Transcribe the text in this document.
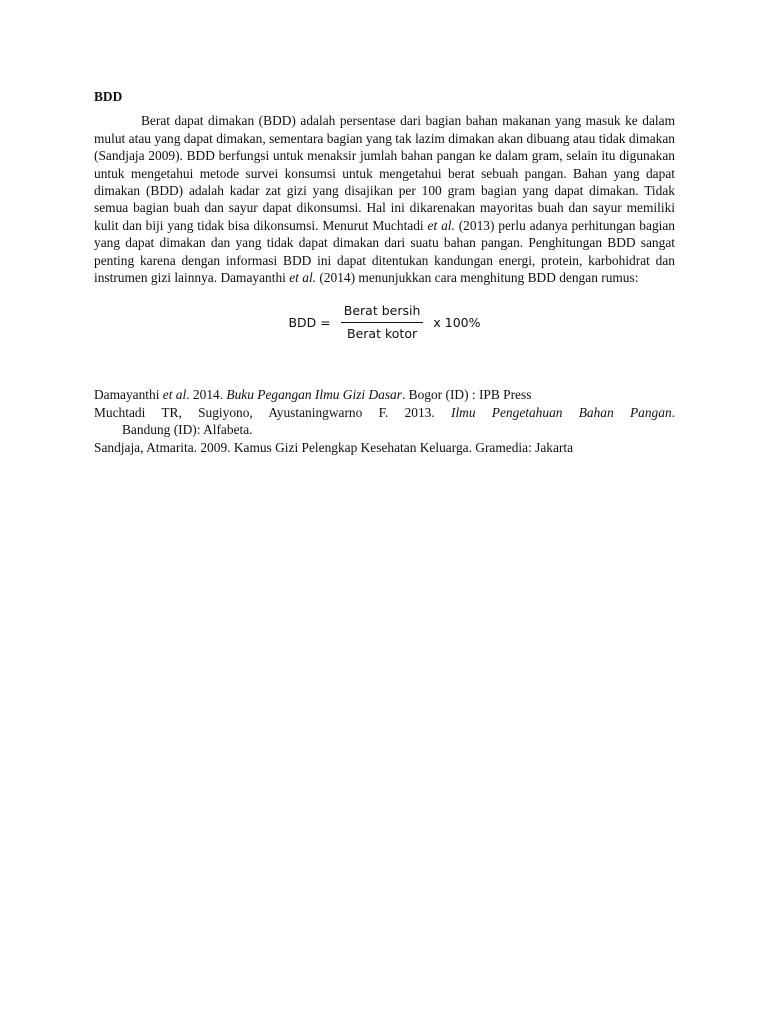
BDD

Berat dapat dimakan (BDD) adalah persentase dari bagian bahan makanan yang masuk ke dalam mulut atau yang dapat dimakan, sementara bagian yang tak lazim dimakan akan dibuang atau tidak dimakan (Sandjaja 2009). BDD berfungsi untuk menaksir jumlah bahan pangan ke dalam gram, selain itu digunakan untuk mengetahui metode survei konsumsi untuk mengetahui berat sebuah pangan. Bahan yang dapat dimakan (BDD) adalah kadar zat gizi yang disajikan per 100 gram bagian yang dapat dimakan. Tidak semua bagian buah dan sayur dapat dikonsumsi. Hal ini dikarenakan mayoritas buah dan sayur memiliki kulit dan biji yang tidak bisa dikonsumsi. Menurut Muchtadi et al. (2013) perlu adanya perhitungan bagian yang dapat dimakan dan yang tidak dapat dimakan dari suatu bahan pangan. Penghitungan BDD sangat penting karena dengan informasi BDD ini dapat ditentukan kandungan energi, protein, karbohidrat dan instrumen gizi lainnya. Damayanthi et al. (2014) menunjukkan cara menghitung BDD dengan rumus:

BDD = $\frac{\text{Berat bersih}}{\text{Berat kotor}}$ x 100%

Damayanthi et al. 2014. Buku Pegangan Ilmu Gizi Dasar. Bogor (ID) : IPB Press

Muchtadi TR, Sugiyono, Ayustaningwarno F. 2013. Ilmu Pengetahuan Bahan Pangan.
Bandung (ID): Alfabeta.

Sandjaja, Atmarita. 2009. Kamus Gizi Pelengkap Kesehatan Keluarga. Gramedia: Jakarta
